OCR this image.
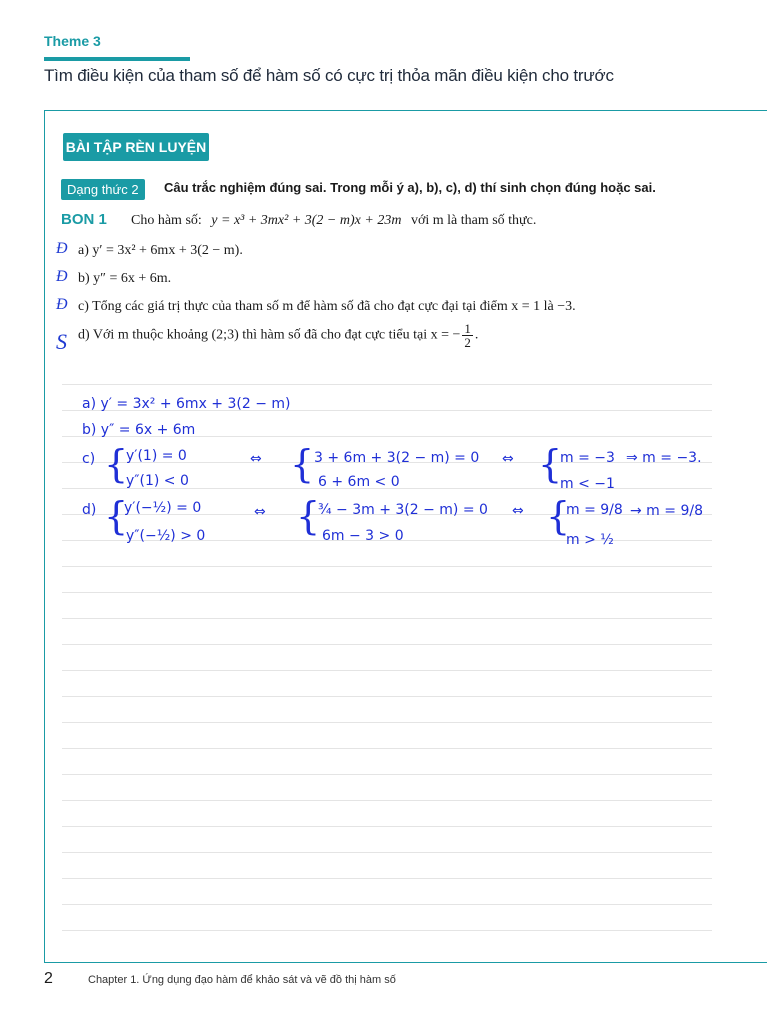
Theme 3
Tìm điều kiện của tham số để hàm số có cực trị thỏa mãn điều kiện cho trước
BÀI TẬP RÈN LUYỆN
Dạng thức 2	Câu trắc nghiệm đúng sai. Trong mỗi ý a), b), c), d) thí sinh chọn đúng hoặc sai.
BON 1 Cho hàm số: y = x³ + 3mx² + 3(2 − m)x + 23m với m là tham số thực.
Đ a) y′ = 3x² + 6mx + 3(2 − m).
Đ b) y″ = 6x + 6m.
Đ c) Tổng các giá trị thực của tham số m để hàm số đã cho đạt cực đại tại điểm x = 1 là −3.
S d) Với m thuộc khoảng (2;3) thì hàm số đã cho đạt cực tiểu tại x = − $\frac{1}{2}$ .
a) y′ = 3x² + 6mx + 3(2 − m)
b) y″ = 6x + 6m
c) {
y′(1) = 0
y″(1) < 0
⇔ { 3 + 6m + 3(2 − m) = 0
6 + 6m < 0
⇔ {
m = −3
m < −1
⇒ m = −3.
d) {
y′(−½) = 0
y″(−½) > 0
⇔ {
¾ − 3m + 3(2 − m) = 0
6m − 3 > 0
⇔ {
m = 9/8
m > ½
→ m = 9/8
2	Chapter 1. Ứng dụng đạo hàm để khảo sát và vẽ đồ thị hàm số
